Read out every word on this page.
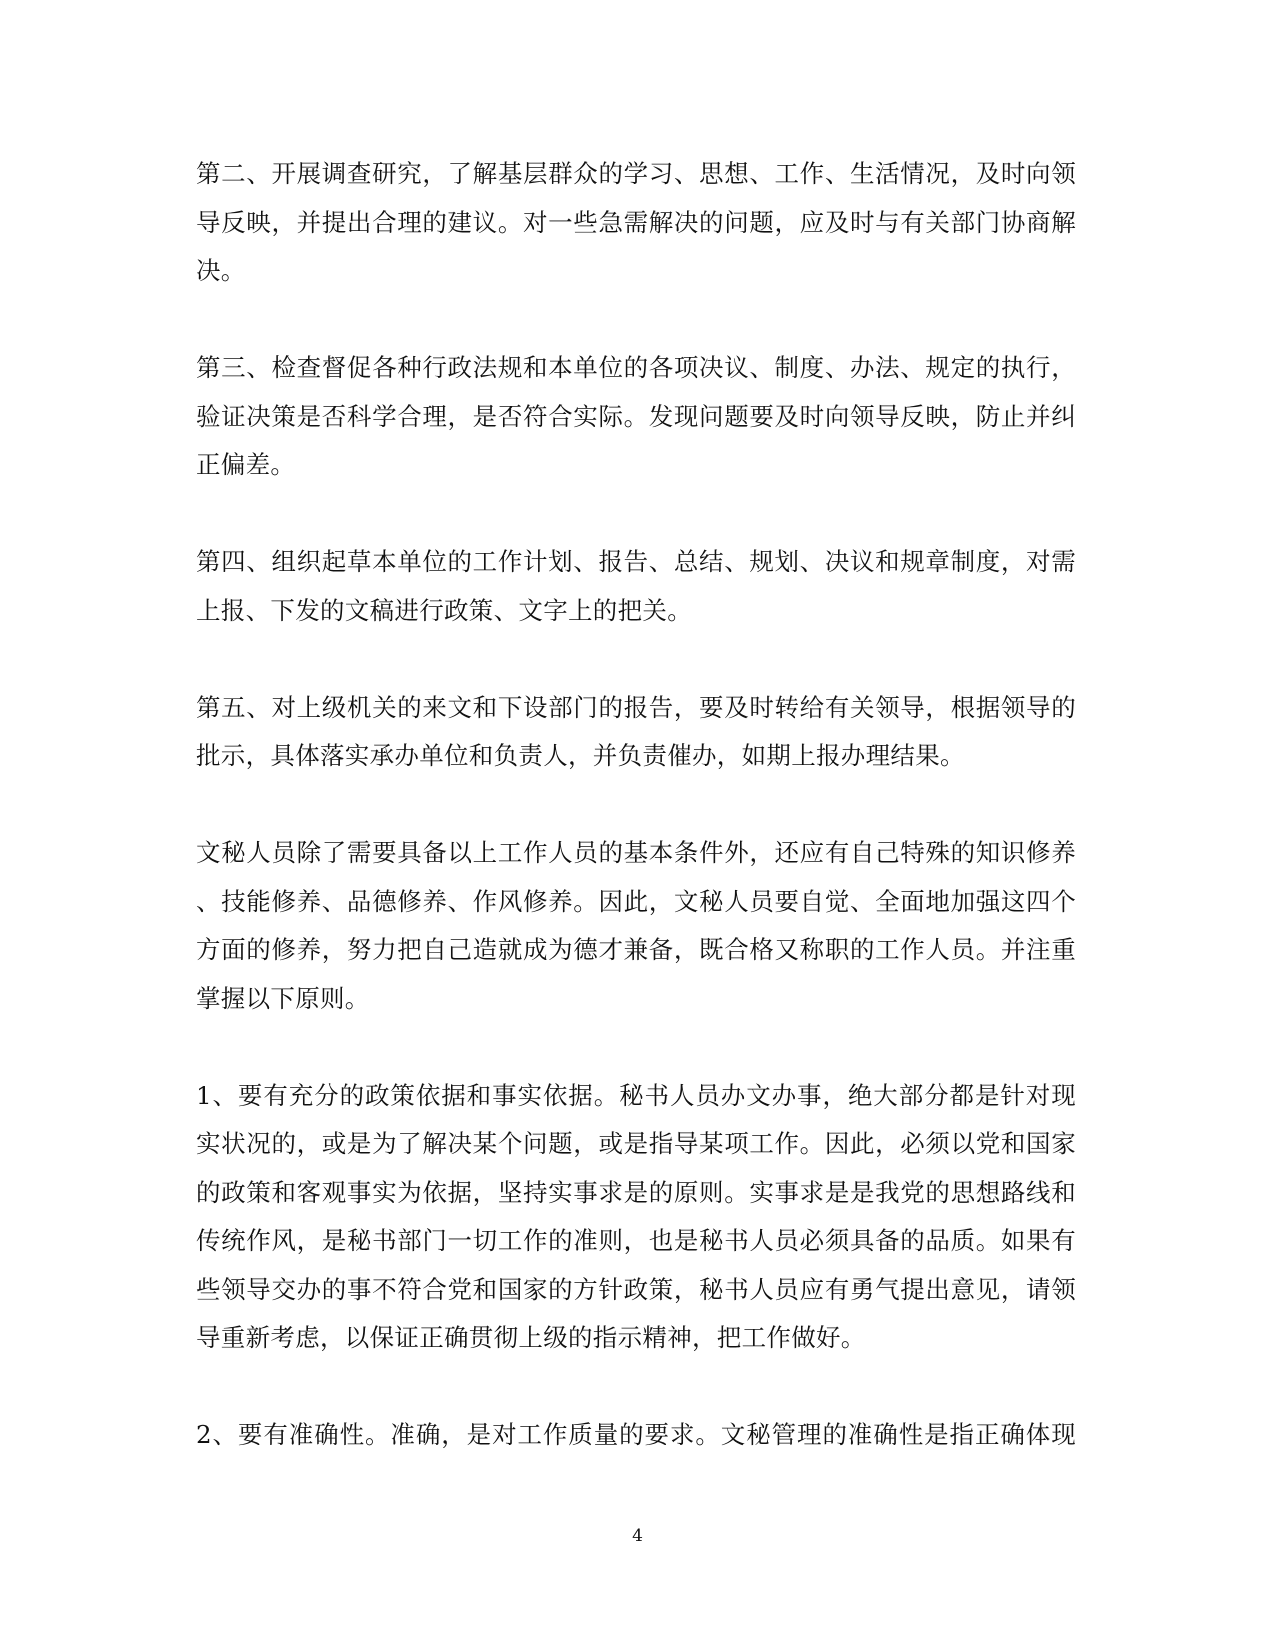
第二、开展调查研究，了解基层群众的学习、思想、工作、生活情况，及时向领
导反映，并提出合理的建议。对一些急需解决的问题，应及时与有关部门协商解
决。

第三、检查督促各种行政法规和本单位的各项决议、制度、办法、规定的执行，
验证决策是否科学合理，是否符合实际。发现问题要及时向领导反映，防止并纠
正偏差。

第四、组织起草本单位的工作计划、报告、总结、规划、决议和规章制度，对需
上报、下发的文稿进行政策、文字上的把关。

第五、对上级机关的来文和下设部门的报告，要及时转给有关领导，根据领导的
批示，具体落实承办单位和负责人，并负责催办，如期上报办理结果。

文秘人员除了需要具备以上工作人员的基本条件外，还应有自己特殊的知识修养
、技能修养、品德修养、作风修养。因此，文秘人员要自觉、全面地加强这四个
方面的修养，努力把自己造就成为德才兼备，既合格又称职的工作人员。并注重
掌握以下原则。

1、要有充分的政策依据和事实依据。秘书人员办文办事，绝大部分都是针对现
实状况的，或是为了解决某个问题，或是指导某项工作。因此，必须以党和国家
的政策和客观事实为依据，坚持实事求是的原则。实事求是是我党的思想路线和
传统作风，是秘书部门一切工作的准则，也是秘书人员必须具备的品质。如果有
些领导交办的事不符合党和国家的方针政策，秘书人员应有勇气提出意见，请领
导重新考虑，以保证正确贯彻上级的指示精神，把工作做好。

2、要有准确性。准确，是对工作质量的要求。文秘管理的准确性是指正确体现

4
